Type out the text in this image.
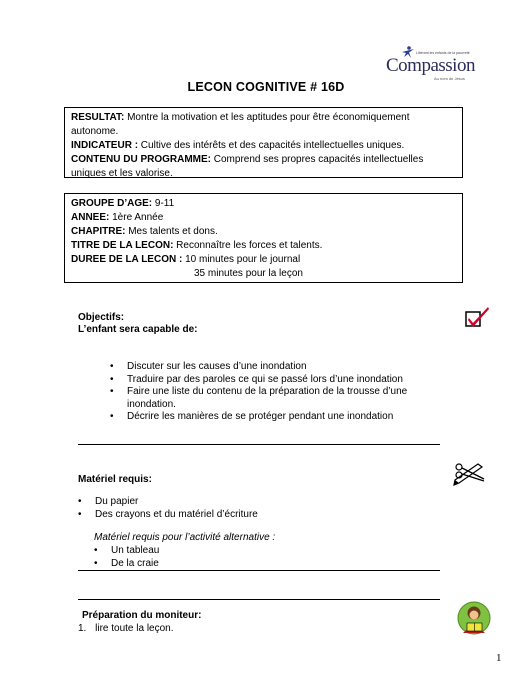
Libérant les enfants de la pauvreté
Compassion
Au nom de Jésus
LECON COGNITIVE # 16D

RESULTAT: Montre la motivation et les aptitudes pour être économiquement autonome.

INDICATEUR : Cultive des intérêts et des capacités intellectuelles uniques.

CONTENU DU PROGRAMME: Comprend ses propres capacités intellectuelles uniques et les valorise.

GROUPE D’AGE: 9-11

ANNEE: 1ère Année

CHAPITRE: Mes talents et dons.

TITRE DE LA LECON: Reconnaître les forces et talents.

DUREE DE LA LECON : 10 minutes pour le journal

35 minutes pour la leçon

Objectifs:
L’enfant sera capable de:
• Discuter sur les causes d’une inondation
• Traduire par des paroles ce qui se passé lors d’une inondation
• Faire une liste du contenu de la préparation de la trousse d’une inondation.
• Décrire les manières de se protéger pendant une inondation
Matériel requis:
• Du papier
• Des crayons et du matériel d’écriture
Matériel requis pour l’activité alternative :
• Un tableau
• De la craie
Préparation du moniteur:
1. lire toute la leçon.
1
